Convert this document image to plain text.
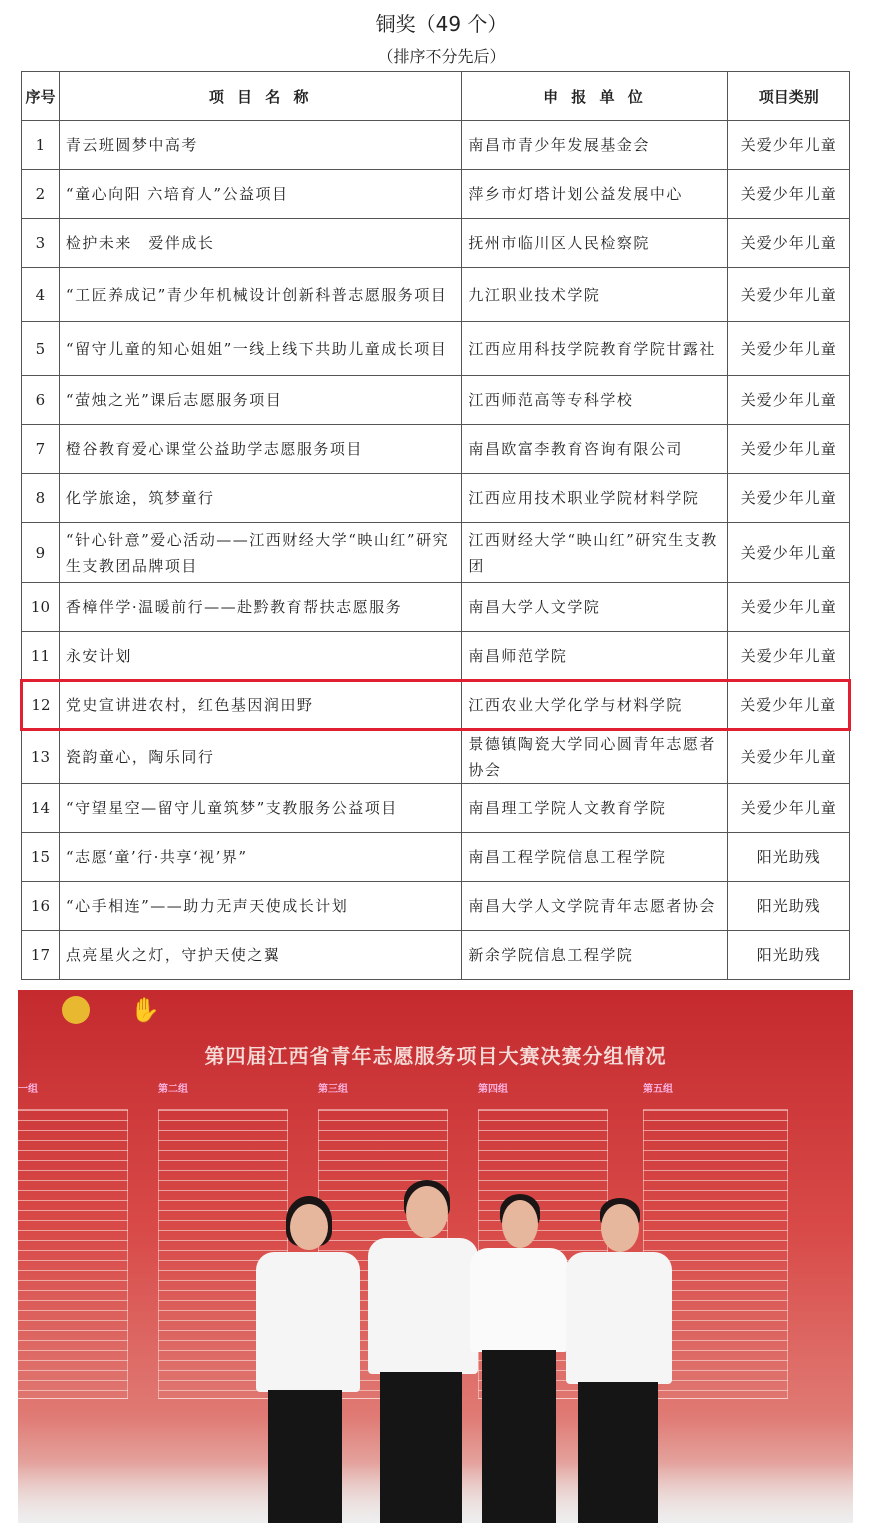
铜奖（49 个）
（排序不分先后）
序号	项 目 名 称	申 报 单 位	项目类别
1	青云班圆梦中高考	南昌市青少年发展基金会	关爱少年儿童
2	“童心向阳 六培育人”公益项目	萍乡市灯塔计划公益发展中心	关爱少年儿童
3	检护未来　爱伴成长	抚州市临川区人民检察院	关爱少年儿童
4	“工匠养成记”青少年机械设计创新科普志愿服务项目	九江职业技术学院	关爱少年儿童
5	“留守儿童的知心姐姐”一线上线下共助儿童成长项目	江西应用科技学院教育学院甘露社	关爱少年儿童
6	“萤烛之光”课后志愿服务项目	江西师范高等专科学校	关爱少年儿童
7	橙谷教育爱心课堂公益助学志愿服务项目	南昌欧富李教育咨询有限公司	关爱少年儿童
8	化学旅途，筑梦童行	江西应用技术职业学院材料学院	关爱少年儿童
9	“针心针意”爱心活动——江西财经大学“映山红”研究生支教团品牌项目	江西财经大学“映山红”研究生支教团	关爱少年儿童
10	香樟伴学·温暖前行——赴黔教育帮扶志愿服务	南昌大学人文学院	关爱少年儿童
11	永安计划	南昌师范学院	关爱少年儿童
12	党史宣讲进农村，红色基因润田野	江西农业大学化学与材料学院	关爱少年儿童
13	瓷韵童心，陶乐同行	景德镇陶瓷大学同心圆青年志愿者协会	关爱少年儿童
14	“守望星空—留守儿童筑梦”支教服务公益项目	南昌理工学院人文教育学院	关爱少年儿童
15	“志愿‘童’行·共享‘视’界”	南昌工程学院信息工程学院	阳光助残
16	“心手相连”——助力无声天使成长计划	南昌大学人文学院青年志愿者协会	阳光助残
17	点亮星火之灯，守护天使之翼	新余学院信息工程学院	阳光助残
✋
第四届江西省青年志愿服务项目大赛决赛分组情况
一组	第二组	第三组	第四组	第五组
